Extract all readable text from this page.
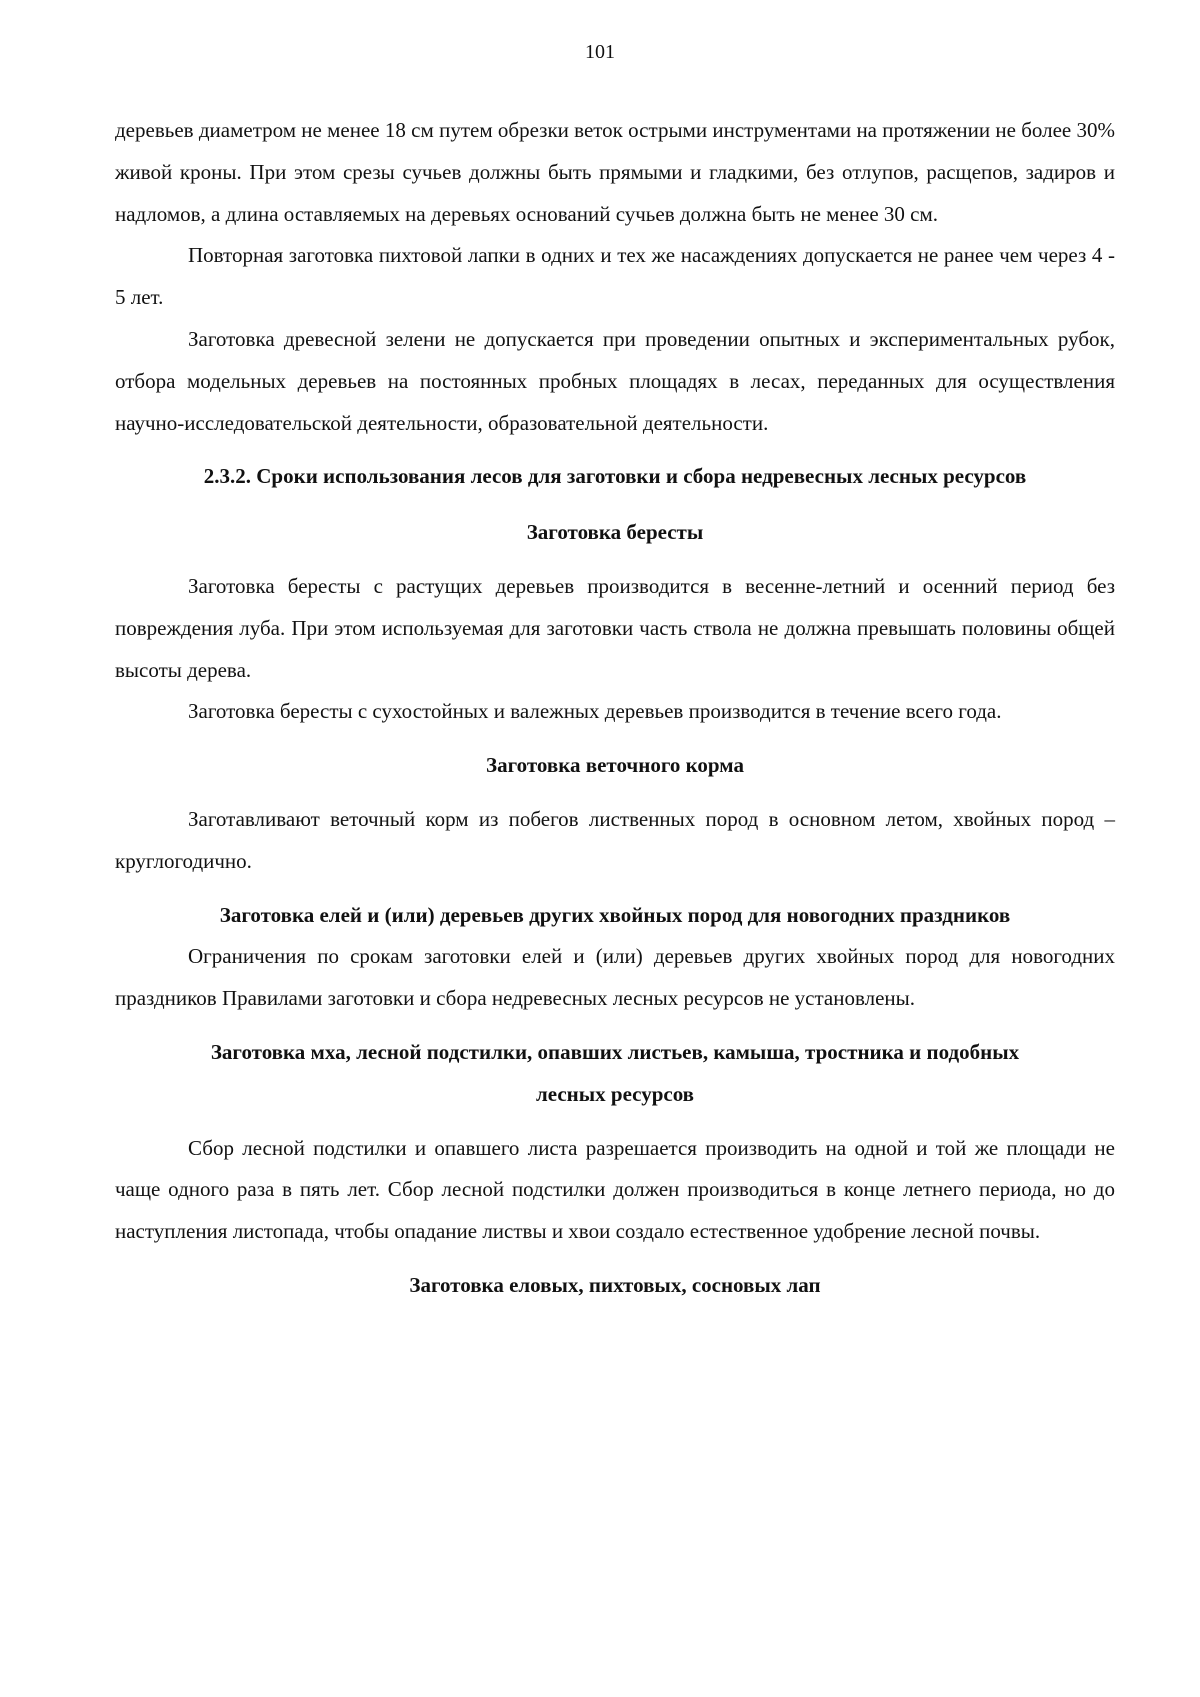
101

деревьев диаметром не менее 18 см путем обрезки веток острыми инструментами на протяжении не более 30% живой кроны. При этом срезы сучьев должны быть прямыми и гладкими, без отлупов, расщепов, задиров и надломов, а длина оставляемых на деревьях оснований сучьев должна быть не менее 30 см.

Повторная заготовка пихтовой лапки в одних и тех же насаждениях допускается не ранее чем через 4 - 5 лет.

Заготовка древесной зелени не допускается при проведении опытных и экспериментальных рубок, отбора модельных деревьев на постоянных пробных площадях в лесах, переданных для осуществления научно-исследовательской деятельности, образовательной деятельности.

2.3.2. Сроки использования лесов для заготовки и сбора недревесных лесных ресурсов
Заготовка бересты

Заготовка бересты с растущих деревьев производится в весенне-летний и осенний период без повреждения луба. При этом используемая для заготовки часть ствола не должна превышать половины общей высоты дерева.

Заготовка бересты с сухостойных и валежных деревьев производится в течение всего года.

Заготовка веточного корма

Заготавливают веточный корм из побегов лиственных пород в основном летом, хвойных пород – круглогодично.

Заготовка елей и (или) деревьев других хвойных пород для новогодних праздников

Ограничения по срокам заготовки елей и (или) деревьев других хвойных пород для новогодних праздников Правилами заготовки и сбора недревесных лесных ресурсов не установлены.

Заготовка мха, лесной подстилки, опавших листьев, камыша, тростника и подобных лесных ресурсов

Сбор лесной подстилки и опавшего листа разрешается производить на одной и той же площади не чаще одного раза в пять лет. Сбор лесной подстилки должен производиться в конце летнего периода, но до наступления листопада, чтобы опадание листвы и хвои создало естественное удобрение лесной почвы.

Заготовка еловых, пихтовых, сосновых лап
